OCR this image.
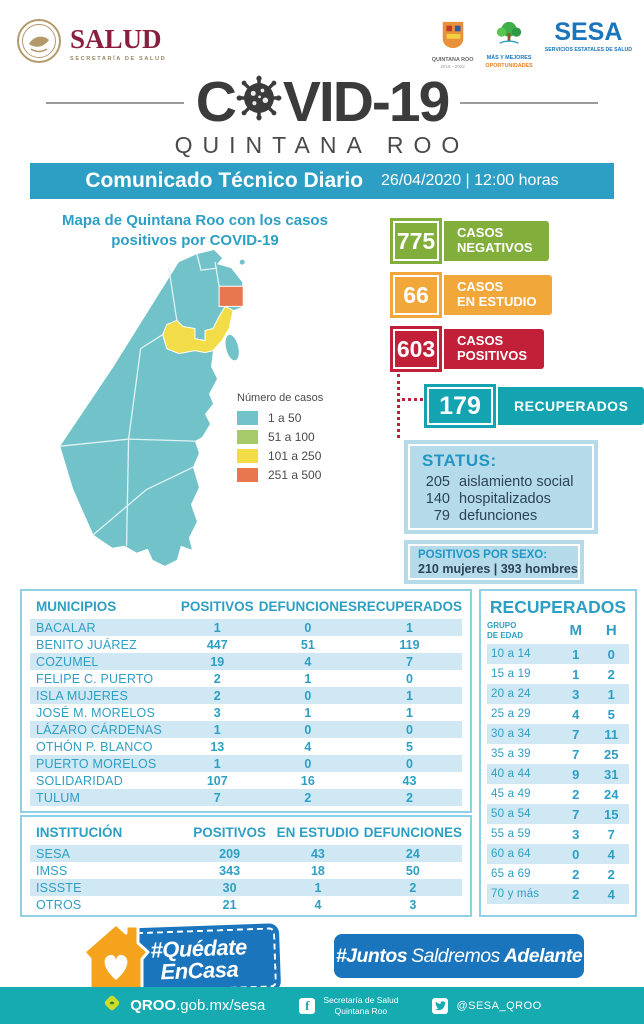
SALUD
SECRETARÍA DE SALUD	QUINTANA ROO
2016 - 2022
MÁS Y MEJORES
OPORTUNIDADES
SESA
SERVICIOS ESTATALES DE SALUD
C VID-19
QUINTANA ROO
Comunicado Técnico Diario 26/04/2020 | 12:00 horas
Mapa de Quintana Roo con los casos
positivos por COVID-19
Número de casos
1 a 50
51 a 100
101 a 250
251 a 500
775 CASOS
NEGATIVOS
66	CASOS
EN ESTUDIO
603 CASOS
POSITIVOS
179	RECUPERADOS
STATUS:
205 aislamiento social
140 hospitalizados
79 defunciones
POSITIVOS POR SEXO:
210 mujeres | 393 hombres
MUNICIPIOS	POSITIVOS	DEFUNCIONES	RECUPERADOS
BACALAR	1	0	1
BENITO JUÁREZ	447	51	119
COZUMEL	19	4	7
FELIPE C. PUERTO	2	1	0
ISLA MUJERES	2	0	1
JOSÉ M. MORELOS	3	1	1
LÁZARO CÁRDENAS	1	0	0
OTHÓN P. BLANCO	13	4	5
PUERTO MORELOS	1	0	0
SOLIDARIDAD	107	16	43
TULUM	7	2	2
INSTITUCIÓN	POSITIVOS	EN ESTUDIO	DEFUNCIONES
SESA	209	43	24
IMSS	343	18	50
ISSSTE	30	1	2
OTROS	21	4	3
RECUPERADOS
GRUPO
DE EDAD	M	H
10 a 14	1	0
15 a 19	1	2
20 a 24	3	1
25 a 29	4	5
30 a 34	7	11
35 a 39	7	25
40 a 44	9	31
45 a 49	2	24
50 a 54	7	15
55 a 59	3	7
60 a 64	0	4
65 a 69	2	2
70 y más	2	4
#Quédate
EnCasa
#Juntos Saldremos Adelante
QROO.gob.mx/sesa	f Secretaría de Salud
Quintana Roo	@SESA_QROO
